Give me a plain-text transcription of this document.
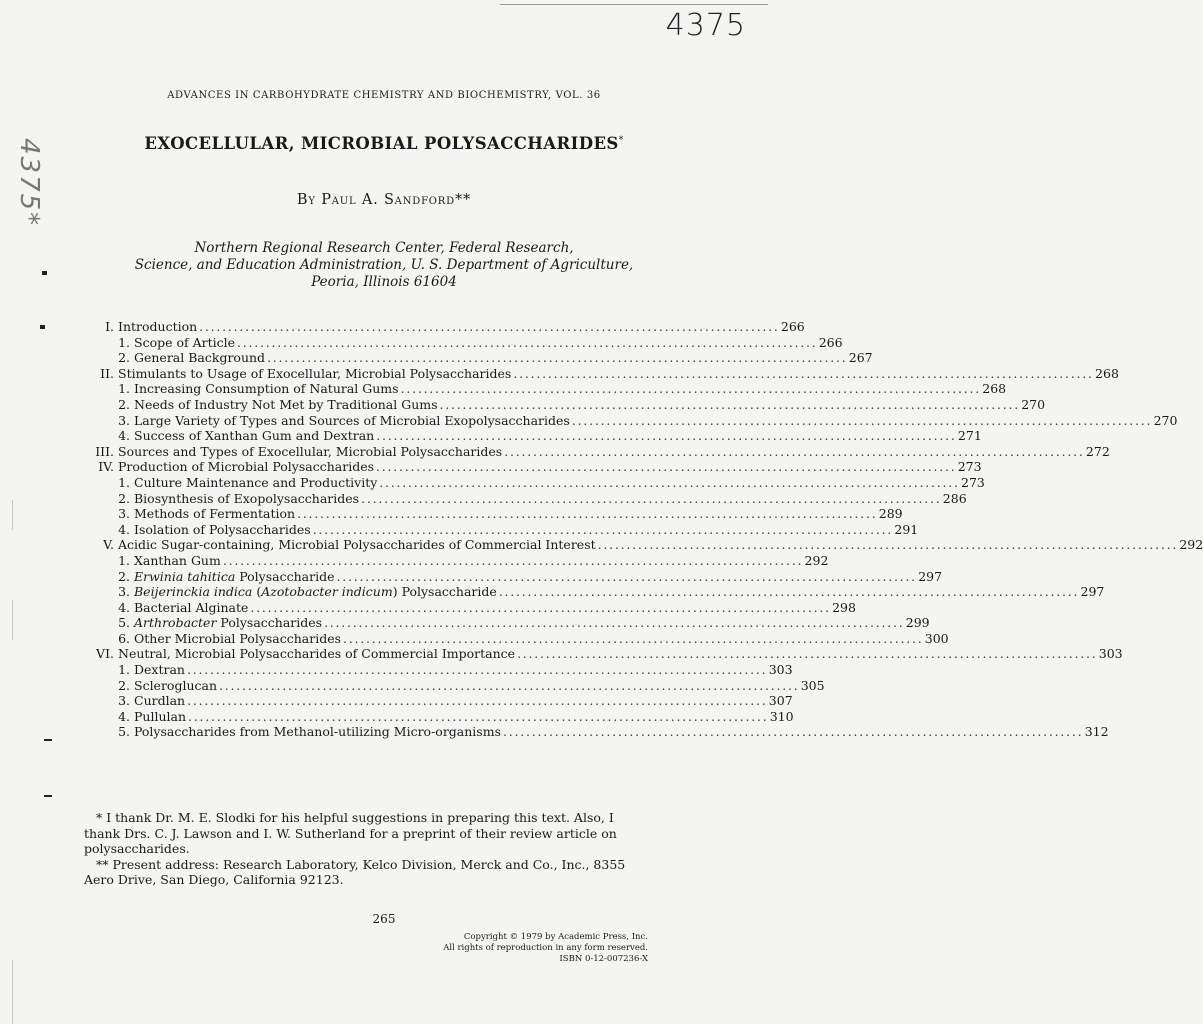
4375
4375*
ADVANCES IN CARBOHYDRATE CHEMISTRY AND BIOCHEMISTRY, VOL. 36
EXOCELLULAR, MICROBIAL POLYSACCHARIDES*
By Paul A. Sandford**
Northern Regional Research Center, Federal Research,
Science, and Education Administration, U. S. Department of Agriculture,
Peoria, Illinois 61604
I. Introduction . . .	266
1. Scope of Article . . .	266
2. General Background . . .	267
II. Stimulants to Usage of Exocellular, Microbial Polysaccharides . . .	268
1. Increasing Consumption of Natural Gums . . .	268
2. Needs of Industry Not Met by Traditional Gums . . .	270
3. Large Variety of Types and Sources of Microbial Exopolysaccharides . . .	270
4. Success of Xanthan Gum and Dextran . . .	271
III. Sources and Types of Exocellular, Microbial Polysaccharides . . .	272
IV. Production of Microbial Polysaccharides . . .	273
1. Culture Maintenance and Productivity . . .	273
2. Biosynthesis of Exopolysaccharides . . .	286
3. Methods of Fermentation . . .	289
4. Isolation of Polysaccharides . . .	291
V. Acidic Sugar-containing, Microbial Polysaccharides of Commercial Interest . . .	292
1. Xanthan Gum . . .	292
2. Erwinia tahitica Polysaccharide . . .	297
3. Beijerinckia indica (Azotobacter indicum) Polysaccharide . . .	297
4. Bacterial Alginate . . .	298
5. Arthrobacter Polysaccharides . . .	299
6. Other Microbial Polysaccharides . . .	300
VI. Neutral, Microbial Polysaccharides of Commercial Importance . . .	303
1. Dextran . . .	303
2. Scleroglucan . . .	305
3. Curdlan . . .	307
4. Pullulan . . .	310
5. Polysaccharides from Methanol-utilizing Micro-organisms . . .	312

* I thank Dr. M. E. Slodki for his helpful suggestions in preparing this text. Also, I thank Drs. C. J. Lawson and I. W. Sutherland for a preprint of their review article on polysaccharides.

** Present address: Research Laboratory, Kelco Division, Merck and Co., Inc., 8355 Aero Drive, San Diego, California 92123.

265
Copyright © 1979 by Academic Press, Inc.
All rights of reproduction in any form reserved.
ISBN 0-12-007236-X
